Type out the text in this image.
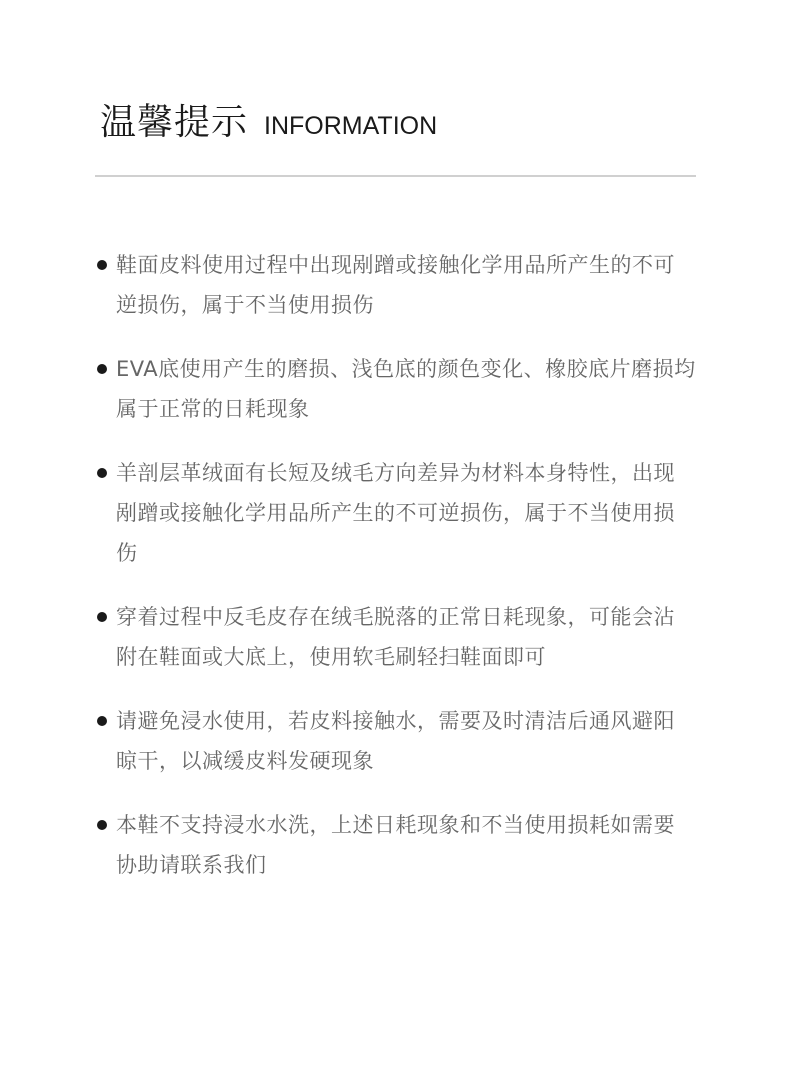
温馨提示 INFORMATION
鞋面皮料使用过程中出现剐蹭或接触化学用品所产生的不可逆损伤，属于不当使用损伤
EVA底使用产生的磨损、浅色底的颜色变化、橡胶底片磨损均属于正常的日耗现象
羊剖层革绒面有长短及绒毛方向差异为材料本身特性，出现剐蹭或接触化学用品所产生的不可逆损伤，属于不当使用损伤
穿着过程中反毛皮存在绒毛脱落的正常日耗现象，可能会沾附在鞋面或大底上，使用软毛刷轻扫鞋面即可
请避免浸水使用，若皮料接触水，需要及时清洁后通风避阳晾干，以减缓皮料发硬现象
本鞋不支持浸水水洗，上述日耗现象和不当使用损耗如需要协助请联系我们
